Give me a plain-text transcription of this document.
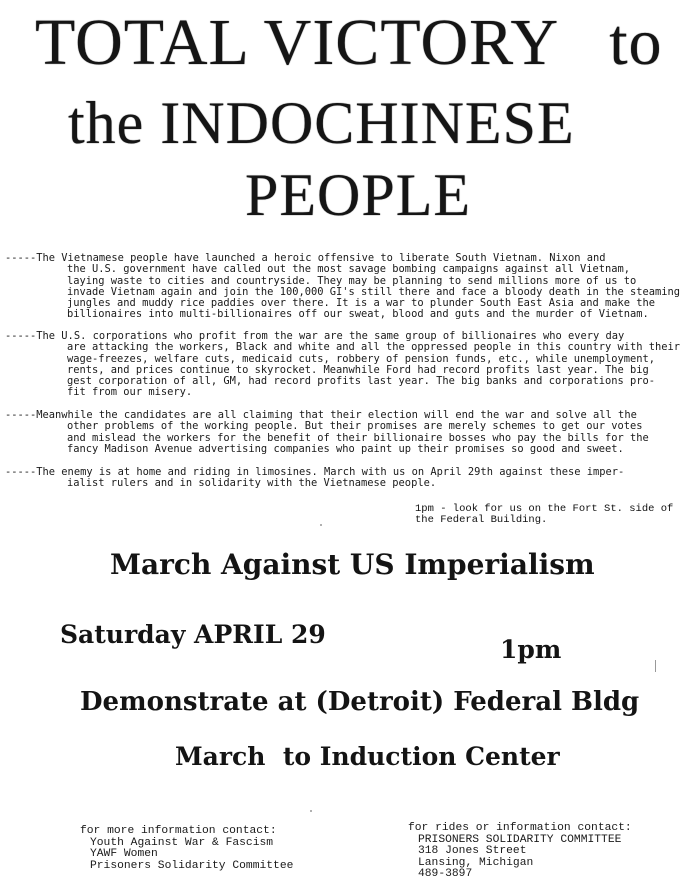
TOTAL VICTORY   to
the INDOCHINESE
PEOPLE
-----The Vietnamese people have launched a heroic offensive to liberate South Vietnam. Nixon and
the U.S. government have called out the most savage bombing campaigns against all Vietnam,
laying waste to cities and countryside. They may be planning to send millions more of us to
invade Vietnam again and join the 100,000 GI's still there and face a bloody death in the steaming
jungles and muddy rice paddies over there. It is a war to plunder South East Asia and make the
billionaires into multi-billionaires off our sweat, blood and guts and the murder of Vietnam.
-----The U.S. corporations who profit from the war are the same group of billionaires who every day
are attacking the workers, Black and white and all the oppressed people in this country with their
wage-freezes, welfare cuts, medicaid cuts, robbery of pension funds, etc., while unemployment,
rents, and prices continue to skyrocket. Meanwhile Ford had record profits last year. The big
gest corporation of all, GM, had record profits last year. The big banks and corporations pro-
fit from our misery.
-----Meanwhile the candidates are all claiming that their election will end the war and solve all the
other problems of the working people. But their promises are merely schemes to get our votes
and mislead the workers for the benefit of their billionaire bosses who pay the bills for the
fancy Madison Avenue advertising companies who paint up their promises so good and sweet.
-----The enemy is at home and riding in limosines. March with us on April 29th against these imper-
ialist rulers and in solidarity with the Vietnamese people.
1pm - look for us on the Fort St. side of
the Federal Building.
March Against US Imperialism
Saturday APRIL 29
1pm
Demonstrate at (Detroit) Federal Bldg
March  to Induction Center
for more information contact:
Youth Against War & Fascism
YAWF Women
Prisoners Solidarity Committee
for rides or information contact:
PRISONERS SOLIDARITY COMMITTEE
318 Jones Street
Lansing, Michigan
489-3897
